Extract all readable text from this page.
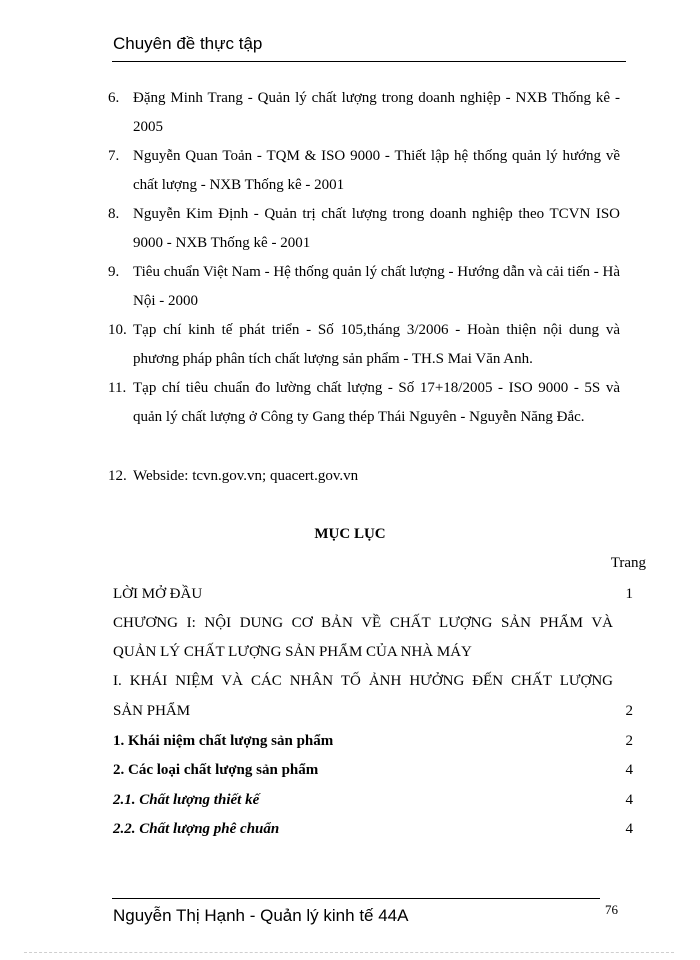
Chuyên đề thực tập
6. Đặng Minh Trang - Quản lý chất lượng trong doanh nghiệp - NXB Thống kê - 2005
7. Nguyễn Quan Toản - TQM & ISO 9000 - Thiết lập hệ thống quản lý hướng về chất lượng - NXB Thống kê - 2001
8. Nguyễn Kim Định - Quản trị chất lượng trong doanh nghiệp theo TCVN ISO 9000 - NXB Thống kê - 2001
9. Tiêu chuẩn Việt Nam - Hệ thống quản lý chất lượng - Hướng dẫn và cải tiến - Hà Nội - 2000
10. Tạp chí kinh tế phát triển - Số 105,tháng 3/2006 - Hoàn thiện nội dung và phương pháp phân tích chất lượng sản phẩm - TH.S Mai Văn Anh.
11. Tạp chí tiêu chuẩn đo lường chất lượng - Số 17+18/2005 - ISO 9000 - 5S và quản lý chất lượng ở Công ty Gang thép Thái Nguyên - Nguyễn Năng Đắc.
12. Webside: tcvn.gov.vn; quacert.gov.vn
MỤC LỤC
Trang
LỜI MỞ ĐẦU	1
CHƯƠNG I: NỘI DUNG CƠ BẢN VỀ CHẤT LƯỢNG SẢN PHẨM VÀ
QUẢN LÝ CHẤT LƯỢNG SẢN PHẨM CỦA NHÀ MÁY
I. KHÁI NIỆM VÀ CÁC NHÂN TỐ ẢNH HƯỞNG ĐẾN CHẤT LƯỢNG
SẢN PHẨM	2
1. Khái niệm chất lượng sản phẩm	2
2. Các loại chất lượng sản phẩm	4
2.1. Chất lượng thiết kế	4
2.2. Chất lượng phê chuẩn	4
Nguyễn Thị Hạnh - Quản lý kinh tế 44A	76
